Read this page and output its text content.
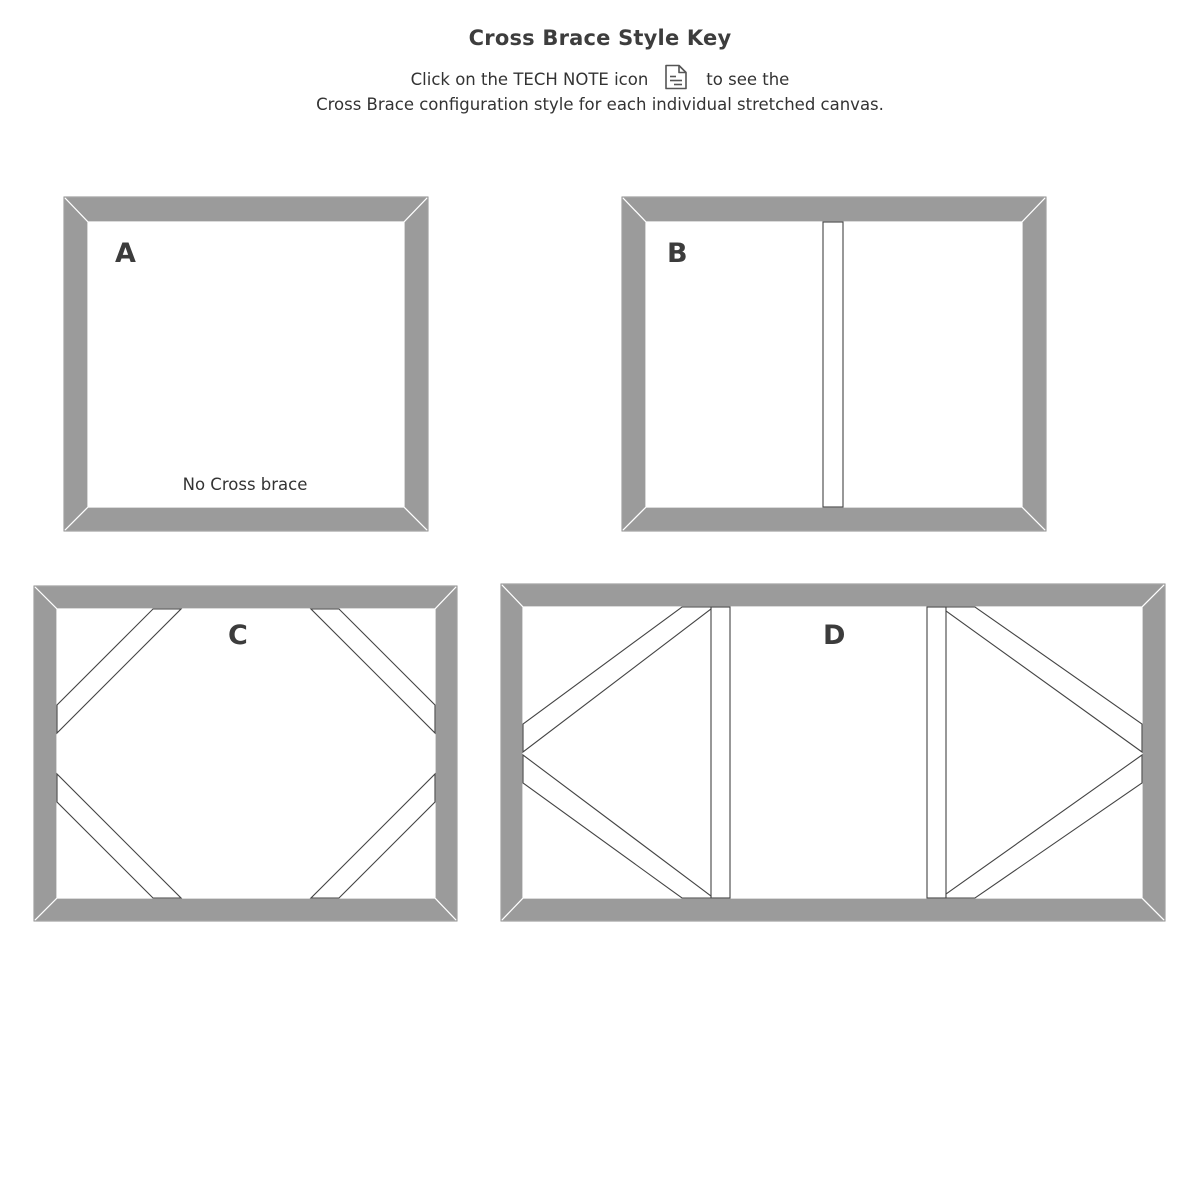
Cross Brace Style Key
Click on the TECH NOTE icon	to see the
Cross Brace configuration style for each individual stretched canvas.
A
No Cross brace
B
C	D
